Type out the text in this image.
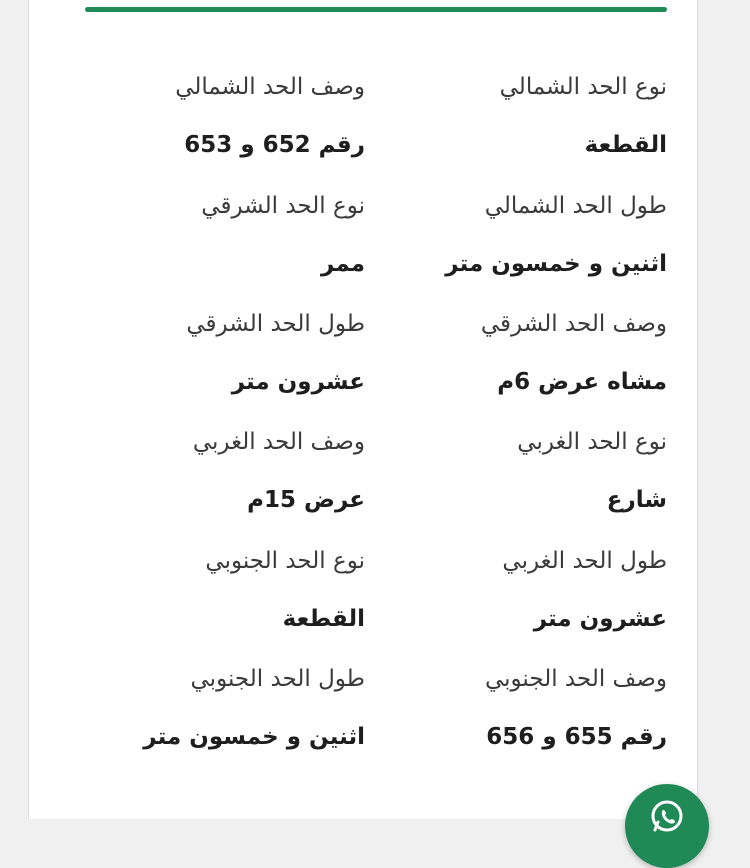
نوع الحد الشمالي
وصف الحد الشمالي
القطعة
رقم 652 و 653
طول الحد الشمالي
نوع الحد الشرقي
اثنين و خمسون متر
ممر
وصف الحد الشرقي
طول الحد الشرقي
مشاه عرض 6م
عشرون متر
نوع الحد الغربي
وصف الحد الغربي
شارع
عرض 15م
طول الحد الغربي
نوع الحد الجنوبي
عشرون متر
القطعة
وصف الحد الجنوبي
طول الحد الجنوبي
رقم 655 و 656
اثنين و خمسون متر
